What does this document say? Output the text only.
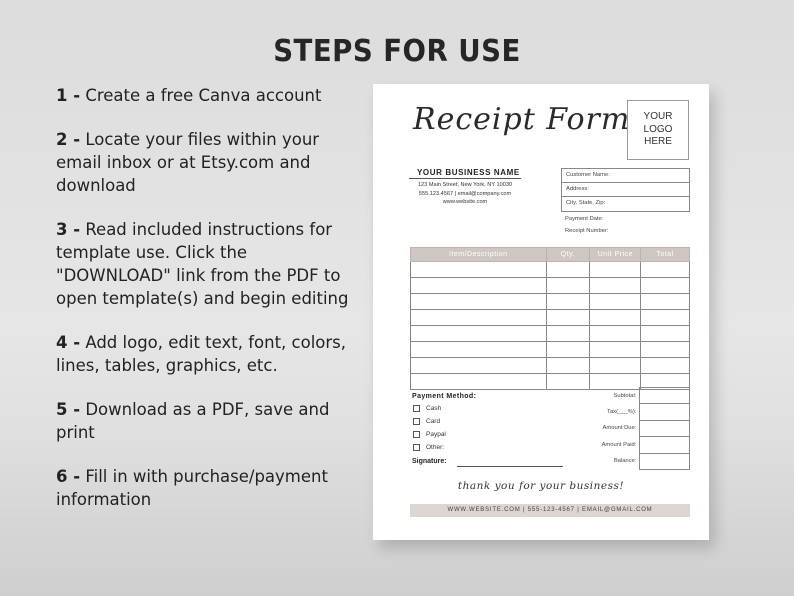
STEPS FOR USE
1 - Create a free Canva account
2 - Locate your files within your email inbox or at Etsy.com and download
3 - Read included instructions for template use. Click the "DOWNLOAD" link from the PDF to open template(s) and begin editing
4 - Add logo, edit text, font, colors, lines, tables, graphics, etc.
5 - Download as a PDF, save and print
6 - Fill in with purchase/payment information
Receipt Form YOUR
LOGO
HERE
YOUR BUSINESS NAME
123 Main Street, New York, NY 10030
555.123.4567 | email@company.com
www.website.com
Customer Name:
Address:
City, State, Zip:
Payment Date:
Receipt Number:
Item/Description	Qty.	Unit Price	Total

Payment Method:
Cash
Card
Paypal
Other:
Signature:
Subtotal:	
Tax(___%):	
Amount Due:	
Amount Paid:	
Balance:	
thank you for your business!
WWW.WEBSITE.COM | 555-123-4567 | EMAIL@GMAIL.COM
